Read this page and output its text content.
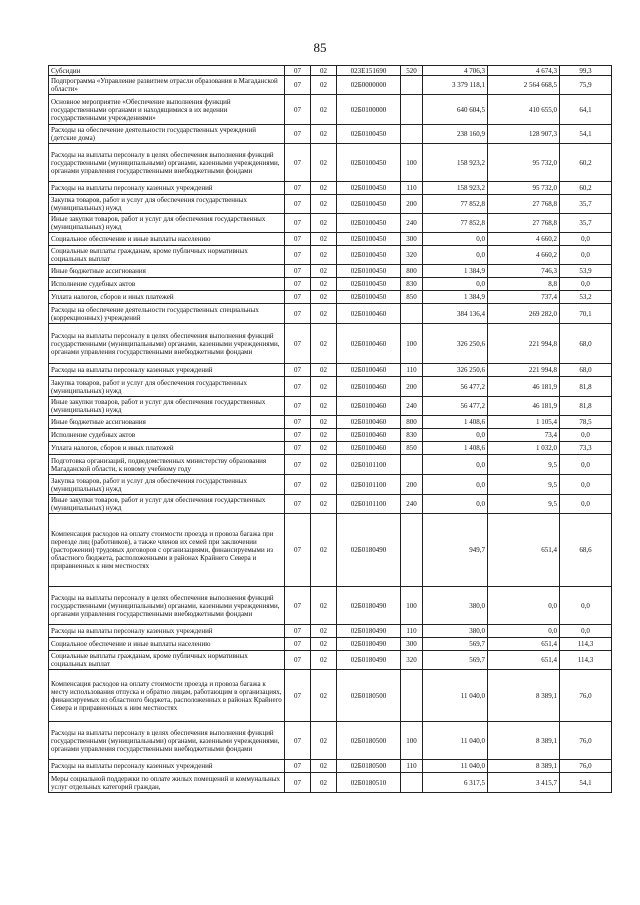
85
Субсидии	07	02	023E151690	520	4 706,3	4 674,3	99,3
Подпрограмма «Управление развитием отрасли образования в Магаданской области»	07	02	02Б0000000		3 379 118,1	2 564 668,5	75,9
Основное мероприятие «Обеспечение выполнения функций государственными органами и находящимися в их ведении государственными учреждениями»	07	02	02Б0100000		640 604,5	410 655,0	64,1
Расходы на обеспечение деятельности государственных учреждений (детские дома)	07	02	02Б0100450		238 160,9	128 907,3	54,1
Расходы на выплаты персоналу в целях обеспечения выполнения функций государственными (муниципальными) органами, казенными учреждениями, органами управления государственными внебюджетными фондами	07	02	02Б0100450	100	158 923,2	95 732,0	60,2
Расходы на выплаты персоналу казенных учреждений	07	02	02Б0100450	110	158 923,2	95 732,0	60,2
Закупка товаров, работ и услуг для обеспечения государственных (муниципальных) нужд	07	02	02Б0100450	200	77 852,8	27 768,8	35,7
Иные закупки товаров, работ и услуг для обеспечения государственных (муниципальных) нужд	07	02	02Б0100450	240	77 852,8	27 768,8	35,7
Социальное обеспечение и иные выплаты населению	07	02	02Б0100450	300	0,0	4 660,2	0,0
Социальные выплаты гражданам, кроме публичных нормативных социальных выплат	07	02	02Б0100450	320	0,0	4 660,2	0,0
Иные бюджетные ассигнования	07	02	02Б0100450	800	1 384,9	746,3	53,9
Исполнение судебных актов	07	02	02Б0100450	830	0,0	8,8	0,0
Уплата налогов, сборов и иных платежей	07	02	02Б0100450	850	1 384,9	737,4	53,2
Расходы на обеспечение деятельности государственных специальных (коррекционных) учреждений	07	02	02Б0100460		384 136,4	269 282,0	70,1
Расходы на выплаты персоналу в целях обеспечения выполнения функций государственными (муниципальными) органами, казенными учреждениями, органами управления государственными внебюджетными фондами	07	02	02Б0100460	100	326 250,6	221 994,8	68,0
Расходы на выплаты персоналу казенных учреждений	07	02	02Б0100460	110	326 250,6	221 994,8	68,0
Закупка товаров, работ и услуг для обеспечения государственных (муниципальных) нужд	07	02	02Б0100460	200	56 477,2	46 181,9	81,8
Иные закупки товаров, работ и услуг для обеспечения государственных (муниципальных) нужд	07	02	02Б0100460	240	56 477,2	46 181,9	81,8
Иные бюджетные ассигнования	07	02	02Б0100460	800	1 408,6	1 105,4	78,5
Исполнение судебных актов	07	02	02Б0100460	830	0,0	73,4	0,0
Уплата налогов, сборов и иных платежей	07	02	02Б0100460	850	1 408,6	1 032,0	73,3
Подготовка организаций, подведомственных министерству образования Магаданской области, к новому учебному году	07	02	02Б0101100		0,0	9,5	0,0
Закупка товаров, работ и услуг для обеспечения государственных (муниципальных) нужд	07	02	02Б0101100	200	0,0	9,5	0,0
Иные закупки товаров, работ и услуг для обеспечения государственных (муниципальных) нужд	07	02	02Б0101100	240	0,0	9,5	0,0
Компенсация расходов на оплату стоимости проезда и провоза багажа при переезде лиц (работников), а также членов их семей при заключении (расторжении) трудовых договоров с организациями, финансируемыми из областного бюджета, расположенными в районах Крайнего Севера и приравненных к ним местностях	07	02	02Б0180490		949,7	651,4	68,6
Расходы на выплаты персоналу в целях обеспечения выполнения функций государственными (муниципальными) органами, казенными учреждениями, органами управления государственными внебюджетными фондами	07	02	02Б0180490	100	380,0	0,0	0,0
Расходы на выплаты персоналу казенных учреждений	07	02	02Б0180490	110	380,0	0,0	0,0
Социальное обеспечение и иные выплаты населению	07	02	02Б0180490	300	569,7	651,4	114,3
Социальные выплаты гражданам, кроме публичных нормативных социальных выплат	07	02	02Б0180490	320	569,7	651,4	114,3
Компенсация расходов на оплату стоимости проезда и провоза багажа к месту использования отпуска и обратно лицам, работающим в организациях, финансируемых из областного бюджета, расположенных в районах Крайнего Севера и приравненных к ним местностях	07	02	02Б0180500		11 040,0	8 389,1	76,0
Расходы на выплаты персоналу в целях обеспечения выполнения функций государственными (муниципальными) органами, казенными учреждениями, органами управления государственными внебюджетными фондами	07	02	02Б0180500	100	11 040,0	8 389,1	76,0
Расходы на выплаты персоналу казенных учреждений	07	02	02Б0180500	110	11 040,0	8 389,1	76,0
Меры социальной поддержки по оплате жилых помещений и коммунальных услуг отдельных категорий граждан,	07	02	02Б0180510		6 317,5	3 415,7	54,1
